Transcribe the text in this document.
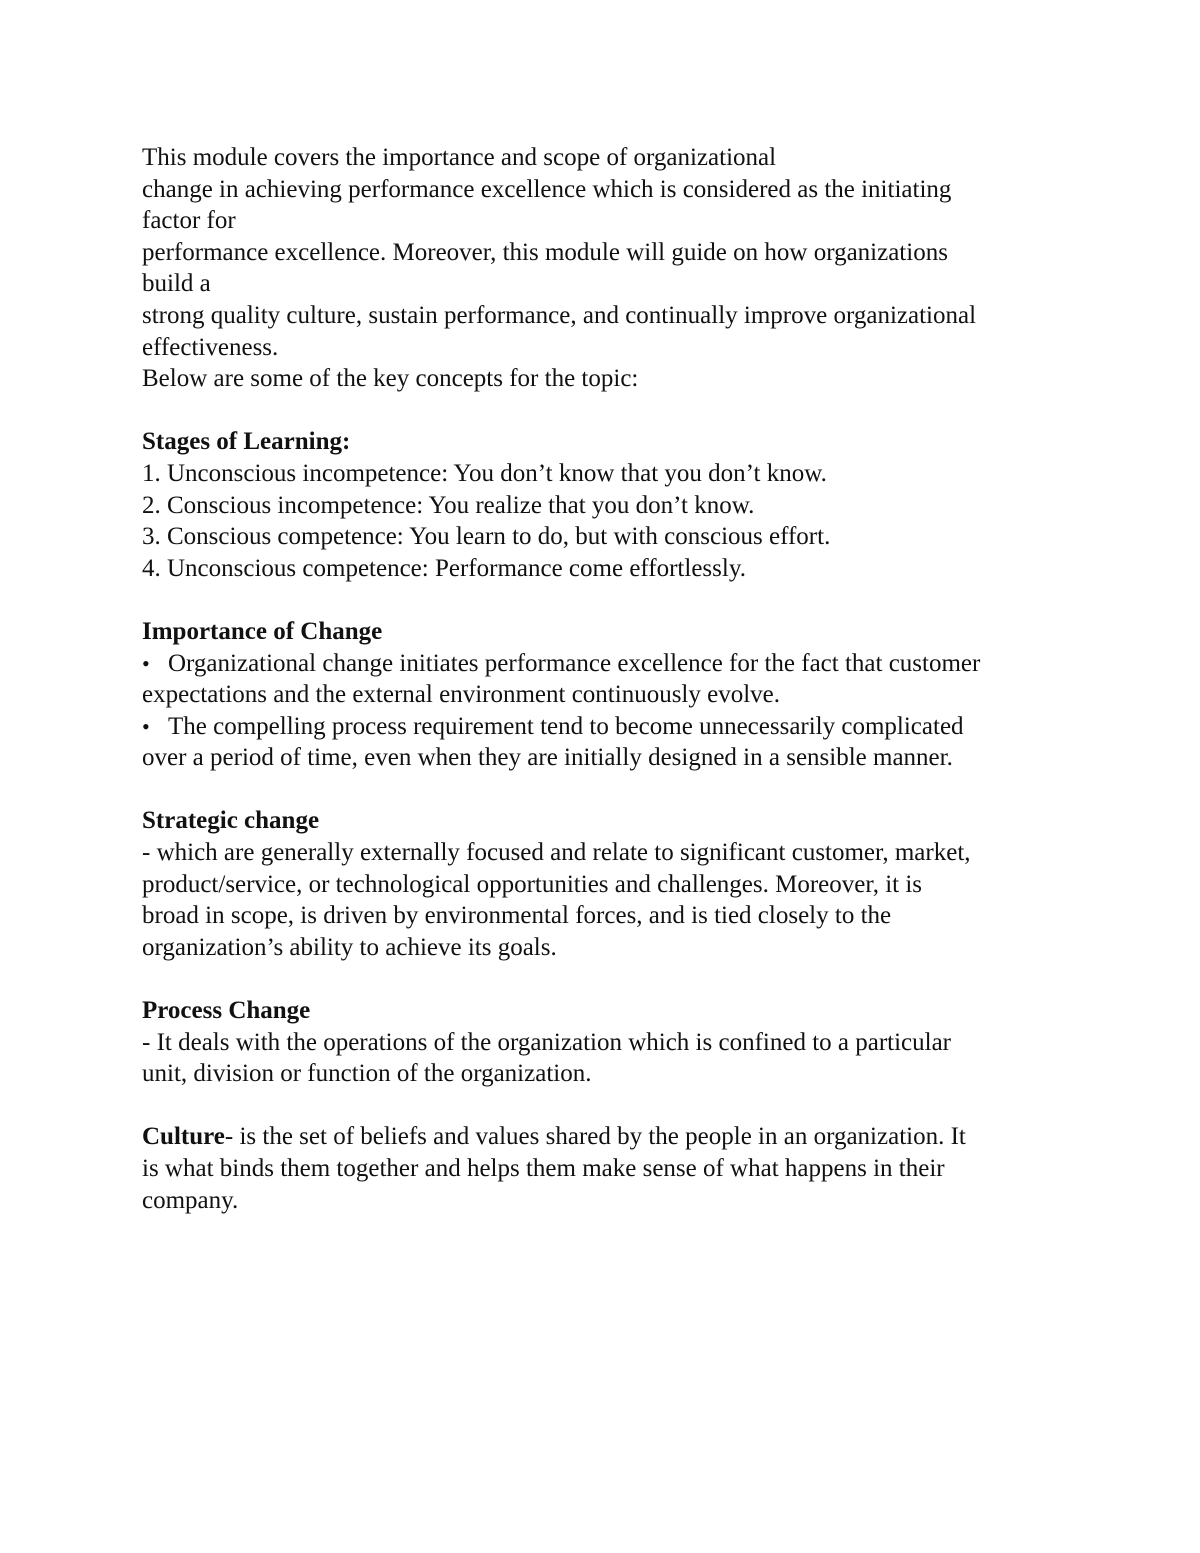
This module covers the importance and scope of organizational
change in achieving performance excellence which is considered as the initiating
factor for
performance excellence. Moreover, this module will guide on how organizations
build a
strong quality culture, sustain performance, and continually improve organizational
effectiveness.
Below are some of the key concepts for the topic:
Stages of Learning:
1. Unconscious incompetence: You don’t know that you don’t know.
2. Conscious incompetence: You realize that you don’t know.
3. Conscious competence: You learn to do, but with conscious effort.
4. Unconscious competence: Performance come effortlessly.
Importance of Change
• Organizational change initiates performance excellence for the fact that customer
expectations and the external environment continuously evolve.
• The compelling process requirement tend to become unnecessarily complicated
over a period of time, even when they are initially designed in a sensible manner.
Strategic change
- which are generally externally focused and relate to significant customer, market,
product/service, or technological opportunities and challenges. Moreover, it is
broad in scope, is driven by environmental forces, and is tied closely to the
organization’s ability to achieve its goals.
Process Change
- It deals with the operations of the organization which is confined to a particular
unit, division or function of the organization.
Culture- is the set of beliefs and values shared by the people in an organization. It
is what binds them together and helps them make sense of what happens in their
company.
